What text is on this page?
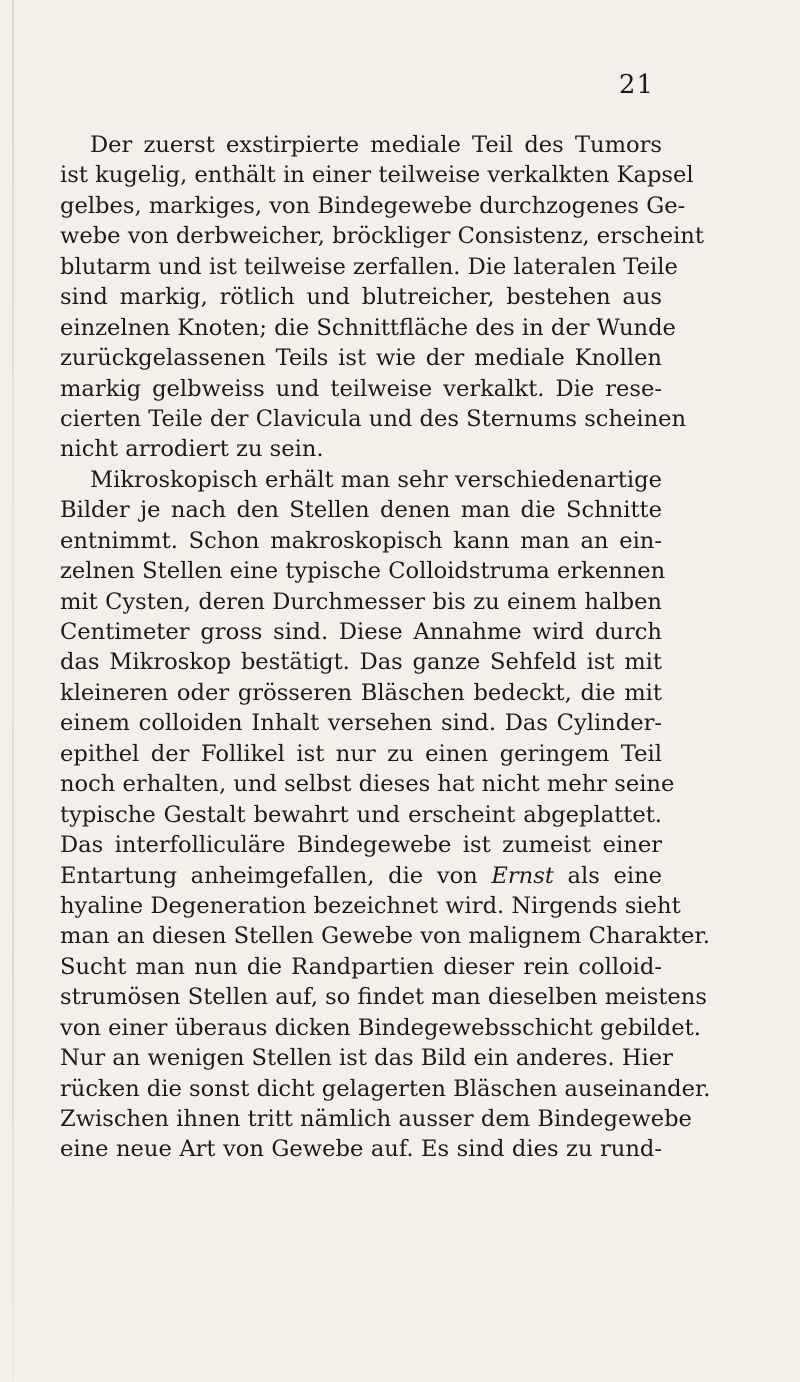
21
Der zuerst exstirpierte mediale Teil des Tumors
ist kugelig, enthält in einer teilweise verkalkten Kapsel
gelbes, markiges, von Bindegewebe durchzogenes Ge-
webe von derbweicher, bröckliger Consistenz, erscheint
blutarm und ist teilweise zerfallen. Die lateralen Teile
sind markig, rötlich und blutreicher, bestehen aus
einzelnen Knoten; die Schnittfläche des in der Wunde
zurückgelassenen Teils ist wie der mediale Knollen
markig gelbweiss und teilweise verkalkt. Die rese-
cierten Teile der Clavicula und des Sternums scheinen
nicht arrodiert zu sein.
Mikroskopisch erhält man sehr verschiedenartige
Bilder je nach den Stellen denen man die Schnitte
entnimmt. Schon makroskopisch kann man an ein-
zelnen Stellen eine typische Colloidstruma erkennen
mit Cysten, deren Durchmesser bis zu einem halben
Centimeter gross sind. Diese Annahme wird durch
das Mikroskop bestätigt. Das ganze Sehfeld ist mit
kleineren oder grösseren Bläschen bedeckt, die mit
einem colloiden Inhalt versehen sind. Das Cylinder-
epithel der Follikel ist nur zu einen geringem Teil
noch erhalten, und selbst dieses hat nicht mehr seine
typische Gestalt bewahrt und erscheint abgeplattet.
Das interfolliculäre Bindegewebe ist zumeist einer
Entartung anheimgefallen, die von Ernst als eine
hyaline Degeneration bezeichnet wird. Nirgends sieht
man an diesen Stellen Gewebe von malignem Charakter.
Sucht man nun die Randpartien dieser rein colloid-
strumösen Stellen auf, so findet man dieselben meistens
von einer überaus dicken Bindegewebsschicht gebildet.
Nur an wenigen Stellen ist das Bild ein anderes. Hier
rücken die sonst dicht gelagerten Bläschen auseinander.
Zwischen ihnen tritt nämlich ausser dem Bindegewebe
eine neue Art von Gewebe auf. Es sind dies zu rund-
